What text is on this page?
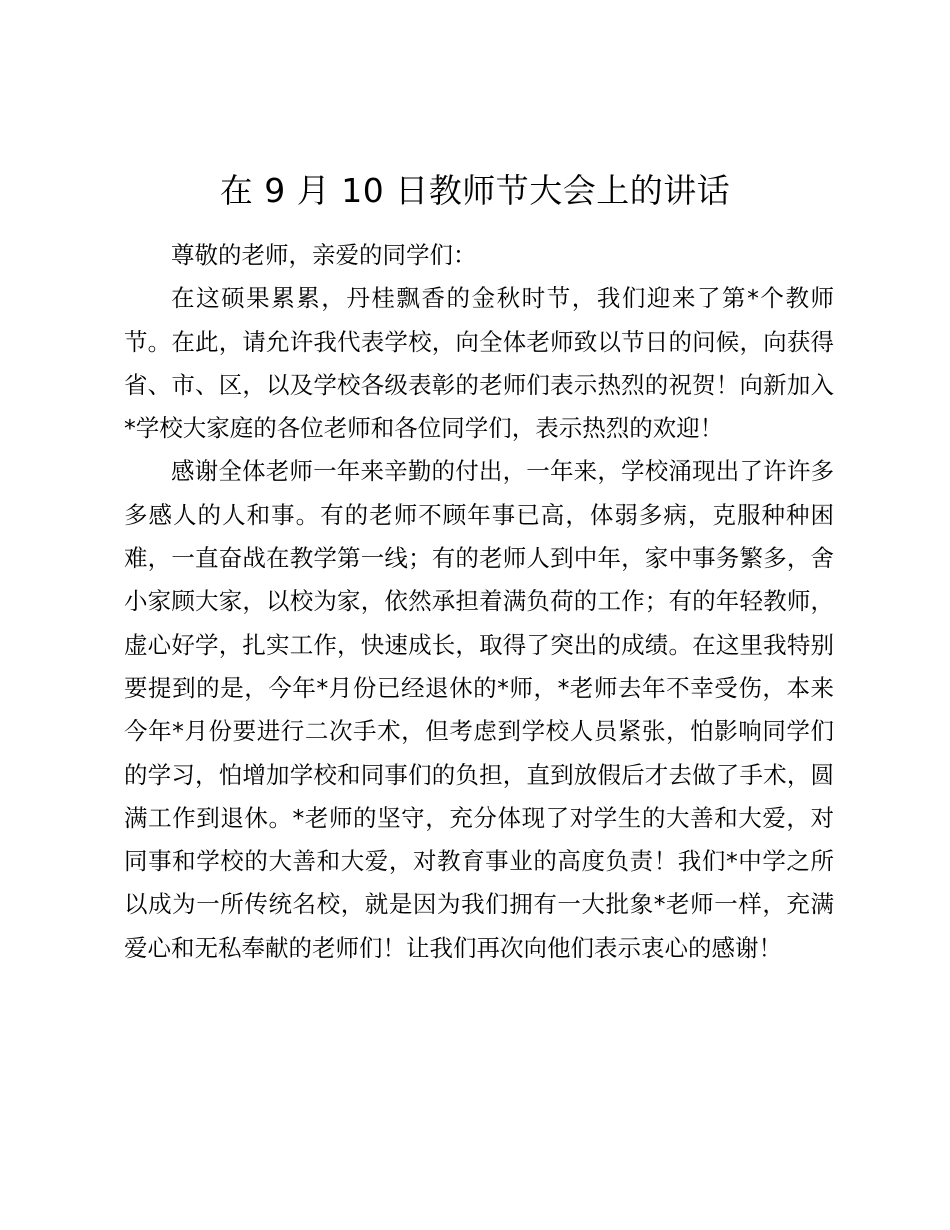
在 9 月 10 日教师节大会上的讲话

尊敬的老师，亲爱的同学们：

在这硕果累累，丹桂飘香的金秋时节，我们迎来了第*个教师节。在此，请允许我代表学校，向全体老师致以节日的问候，向获得省、市、区，以及学校各级表彰的老师们表示热烈的祝贺！向新加入*学校大家庭的各位老师和各位同学们，表示热烈的欢迎！

感谢全体老师一年来辛勤的付出，一年来，学校涌现出了许许多多感人的人和事。有的老师不顾年事已高，体弱多病，克服种种困难，一直奋战在教学第一线；有的老师人到中年，家中事务繁多，舍小家顾大家，以校为家，依然承担着满负荷的工作；有的年轻教师，虚心好学，扎实工作，快速成长，取得了突出的成绩。在这里我特别要提到的是，今年*月份已经退休的*师，*老师去年不幸受伤，本来今年*月份要进行二次手术，但考虑到学校人员紧张，怕影响同学们的学习，怕增加学校和同事们的负担，直到放假后才去做了手术，圆满工作到退休。*老师的坚守，充分体现了对学生的大善和大爱，对同事和学校的大善和大爱，对教育事业的高度负责！我们*中学之所以成为一所传统名校，就是因为我们拥有一大批象*老师一样，充满爱心和无私奉献的老师们！让我们再次向他们表示衷心的感谢！
